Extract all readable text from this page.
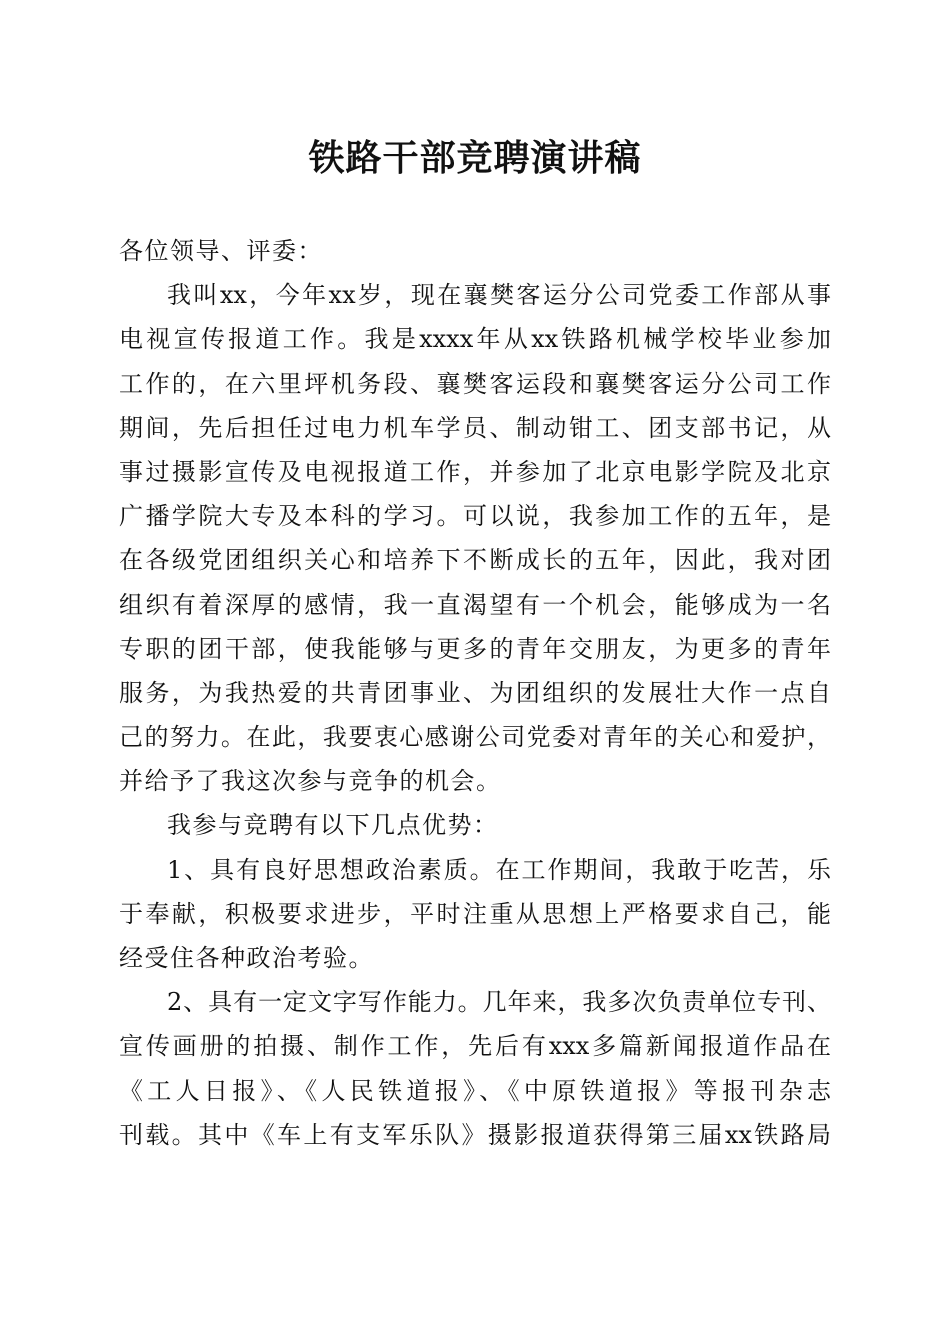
铁路干部竞聘演讲稿
各位领导、评委：
我叫xx，今年xx岁，现在襄樊客运分公司党委工作部从事
电视宣传报道工作。我是xxxx年从xx铁路机械学校毕业参加
工作的，在六里坪机务段、襄樊客运段和襄樊客运分公司工作
期间，先后担任过电力机车学员、制动钳工、团支部书记，从
事过摄影宣传及电视报道工作，并参加了北京电影学院及北京
广播学院大专及本科的学习。可以说，我参加工作的五年，是
在各级党团组织关心和培养下不断成长的五年，因此，我对团
组织有着深厚的感情，我一直渴望有一个机会，能够成为一名
专职的团干部，使我能够与更多的青年交朋友，为更多的青年
服务，为我热爱的共青团事业、为团组织的发展壮大作一点自
己的努力。在此，我要衷心感谢公司党委对青年的关心和爱护，
并给予了我这次参与竞争的机会。
我参与竞聘有以下几点优势：
1、具有良好思想政治素质。在工作期间，我敢于吃苦，乐
于奉献，积极要求进步，平时注重从思想上严格要求自己，能
经受住各种政治考验。
2、具有一定文字写作能力。几年来，我多次负责单位专刊、
宣传画册的拍摄、制作工作，先后有xxx多篇新闻报道作品在
《工人日报》、《人民铁道报》、《中原铁道报》等报刊杂志
刊载。其中《车上有支军乐队》摄影报道获得第三届xx铁路局
